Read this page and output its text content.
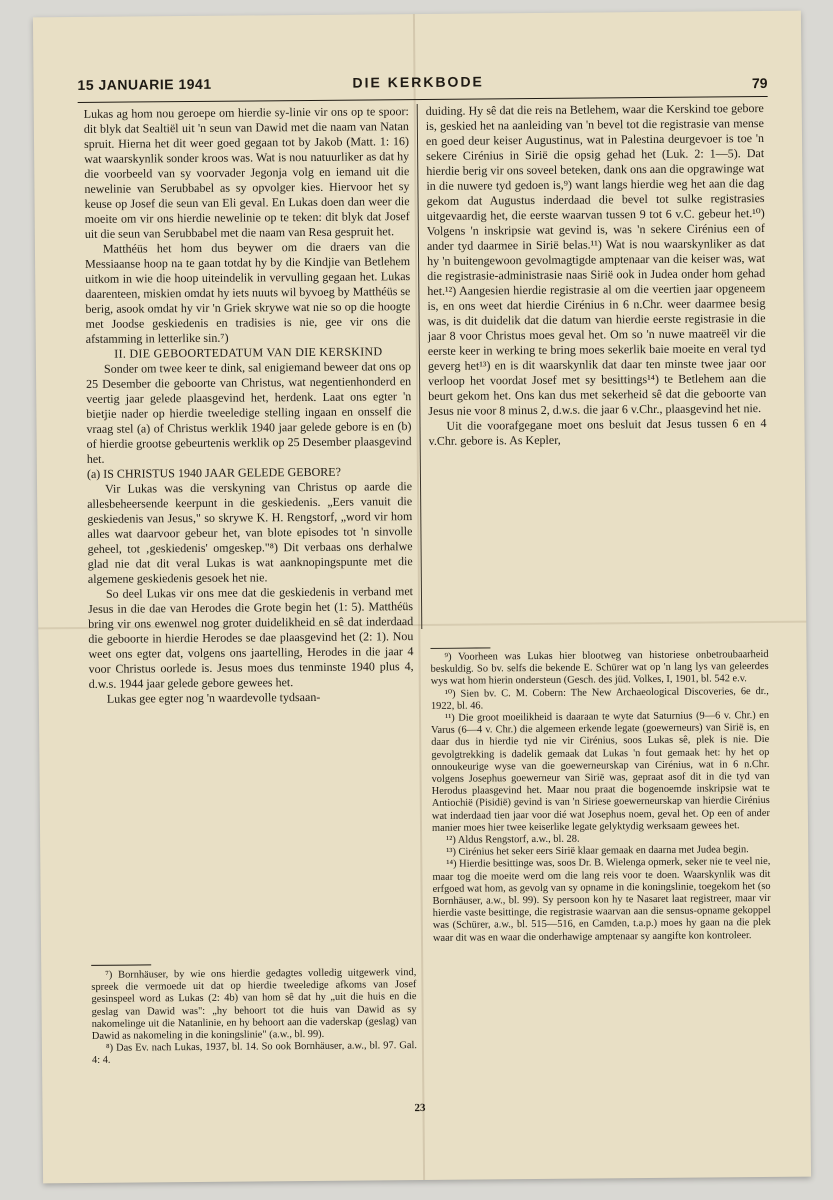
15 JANUARIE 1941	DIE KERKBODE	79

Lukas ag hom nou geroepe om hierdie sy-linie vir ons op te spoor: dit blyk dat Sealtiël uit 'n seun van Dawid met die naam van Natan spruit. Hierna het dit weer goed gegaan tot by Jakob (Matt. 1: 16) wat waarskynlik sonder kroos was. Wat is nou natuurliker as dat hy die voorbeeld van sy voorvader Jegonja volg en iemand uit die newelinie van Serubbabel as sy opvolger kies. Hiervoor het sy keuse op Josef die seun van Eli geval. En Lukas doen dan weer die moeite om vir ons hierdie newelinie op te teken: dit blyk dat Josef uit die seun van Serubbabel met die naam van Resa gespruit het.

Matthéüs het hom dus beywer om die draers van die Messiaanse hoop na te gaan totdat hy by die Kindjie van Betlehem uitkom in wie die hoop uiteindelik in vervulling gegaan het. Lukas daarenteen, miskien omdat hy iets nuuts wil byvoeg by Matthéüs se berig, asook omdat hy vir 'n Griek skrywe wat nie so op die hoogte met Joodse geskiedenis en tradisies is nie, gee vir ons die afstamming in letterlike sin.⁷)

II. DIE GEBOORTEDATUM VAN DIE KERSKIND

Sonder om twee keer te dink, sal enigiemand beweer dat ons op 25 Desember die geboorte van Christus, wat negentienhonderd en veertig jaar gelede plaasgevind het, herdenk. Laat ons egter 'n bietjie nader op hierdie tweeledige stelling ingaan en onsself die vraag stel (a) of Christus werklik 1940 jaar gelede gebore is en (b) of hierdie grootse gebeurtenis werklik op 25 Desember plaasgevind het.

(a) IS CHRISTUS 1940 JAAR GELEDE GEBORE?

Vir Lukas was die verskyning van Christus op aarde die allesbeheersende keerpunt in die geskiedenis. „Eers vanuit die geskiedenis van Jesus," so skrywe K. H. Rengstorf, „word vir hom alles wat daarvoor gebeur het, van blote episodes tot 'n sinvolle geheel, tot ‚geskiedenis' omgeskep."⁸) Dit verbaas ons derhalwe glad nie dat dit veral Lukas is wat aanknopingspunte met die algemene geskiedenis gesoek het nie.

So deel Lukas vir ons mee dat die geskiedenis in verband met Jesus in die dae van Herodes die Grote begin het (1: 5). Matthéüs bring vir ons ewenwel nog groter duidelikheid en sê dat inderdaad die geboorte in hierdie Herodes se dae plaasgevind het (2: 1). Nou weet ons egter dat, volgens ons jaartelling, Herodes in die jaar 4 voor Christus oorlede is. Jesus moes dus tenminste 1940 plus 4, d.w.s. 1944 jaar gelede gebore gewees het.

Lukas gee egter nog 'n waardevolle tydsaan-

⁷) Bornhäuser, by wie ons hierdie gedagtes volledig uitgewerk vind, spreek die vermoede uit dat op hierdie tweeledige afkoms van Josef gesinspeel word as Lukas (2: 4b) van hom sê dat hy „uit die huis en die geslag van Dawid was": „hy behoort tot die huis van Dawid as sy nakomelinge uit die Natanlinie, en hy behoort aan die vaderskap (geslag) van Dawid as nakomeling in die koningslinie" (a.w., bl. 99).

⁸) Das Ev. nach Lukas, 1937, bl. 14. So ook Bornhäuser, a.w., bl. 97. Gal. 4: 4.

duiding. Hy sê dat die reis na Betlehem, waar die Kerskind toe gebore is, geskied het na aanleiding van 'n bevel tot die registrasie van mense en goed deur keiser Augustinus, wat in Palestina deurgevoer is toe 'n sekere Cirénius in Sirië die opsig gehad het (Luk. 2: 1—5). Dat hierdie berig vir ons soveel beteken, dank ons aan die opgrawinge wat in die nuwere tyd gedoen is,⁹) want langs hierdie weg het aan die dag gekom dat Augustus inderdaad die bevel tot sulke registrasies uitgevaardig het, die eerste waarvan tussen 9 tot 6 v.C. gebeur het.¹⁰) Volgens 'n inskripsie wat gevind is, was 'n sekere Cirénius een of ander tyd daarmee in Sirië belas.¹¹) Wat is nou waarskynliker as dat hy 'n buitengewoon gevolmagtigde amptenaar van die keiser was, wat die registrasie-administrasie naas Sirië ook in Judea onder hom gehad het.¹²) Aangesien hierdie registrasie al om die veertien jaar opgeneem is, en ons weet dat hierdie Cirénius in 6 n.Chr. weer daarmee besig was, is dit duidelik dat die datum van hierdie eerste registrasie in die jaar 8 voor Christus moes geval het. Om so 'n nuwe maatreël vir die eerste keer in werking te bring moes sekerlik baie moeite en veral tyd geverg het¹³) en is dit waarskynlik dat daar ten minste twee jaar oor verloop het voordat Josef met sy besittings¹⁴) te Betlehem aan die beurt gekom het. Ons kan dus met sekerheid sê dat die geboorte van Jesus nie voor 8 minus 2, d.w.s. die jaar 6 v.Chr., plaasgevind het nie.

Uit die voorafgegane moet ons besluit dat Jesus tussen 6 en 4 v.Chr. gebore is. As Kepler,

⁹) Voorheen was Lukas hier blootweg van historiese onbetroubaarheid beskuldig. So bv. selfs die bekende E. Schürer wat op 'n lang lys van geleerdes wys wat hom hierin ondersteun (Gesch. des jüd. Volkes, I, 1901, bl. 542 e.v.

¹⁰) Sien bv. C. M. Cobern: The New Archaeological Discoveries, 6e dr., 1922, bl. 46.

¹¹) Die groot moeilikheid is daaraan te wyte dat Saturnius (9—6 v. Chr.) en Varus (6—4 v. Chr.) die algemeen erkende legate (goewerneurs) van Sirië is, en daar dus in hierdie tyd nie vir Cirénius, soos Lukas sê, plek is nie. Die gevolgtrekking is dadelik gemaak dat Lukas 'n fout gemaak het: hy het op onnoukeurige wyse van die goewerneurskap van Cirénius, wat in 6 n.Chr. volgens Josephus goewerneur van Sirië was, gepraat asof dit in die tyd van Herodus plaasgevind het. Maar nou praat die bogenoemde inskripsie wat te Antiochië (Pisidië) gevind is van 'n Siriese goewerneurskap van hierdie Cirénius wat inderdaad tien jaar voor dié wat Josephus noem, geval het. Op een of ander manier moes hier twee keiserlike legate gelyktydig werksaam gewees het.

¹²) Aldus Rengstorf, a.w., bl. 28.

¹³) Cirénius het seker eers Sirië klaar gemaak en daarna met Judea begin.

¹⁴) Hierdie besittinge was, soos Dr. B. Wielenga opmerk, seker nie te veel nie, maar tog die moeite werd om die lang reis voor te doen. Waarskynlik was dit erfgoed wat hom, as gevolg van sy opname in die koningslinie, toegekom het (so Bornhäuser, a.w., bl. 99). Sy persoon kon hy te Nasaret laat registreer, maar vir hierdie vaste besittinge, die registrasie waarvan aan die sensus-opname gekoppel was (Schürer, a.w., bl. 515—516, en Camden, t.a.p.) moes hy gaan na die plek waar dit was en waar die onderhawige amptenaar sy aangifte kon kontroleer.

23
